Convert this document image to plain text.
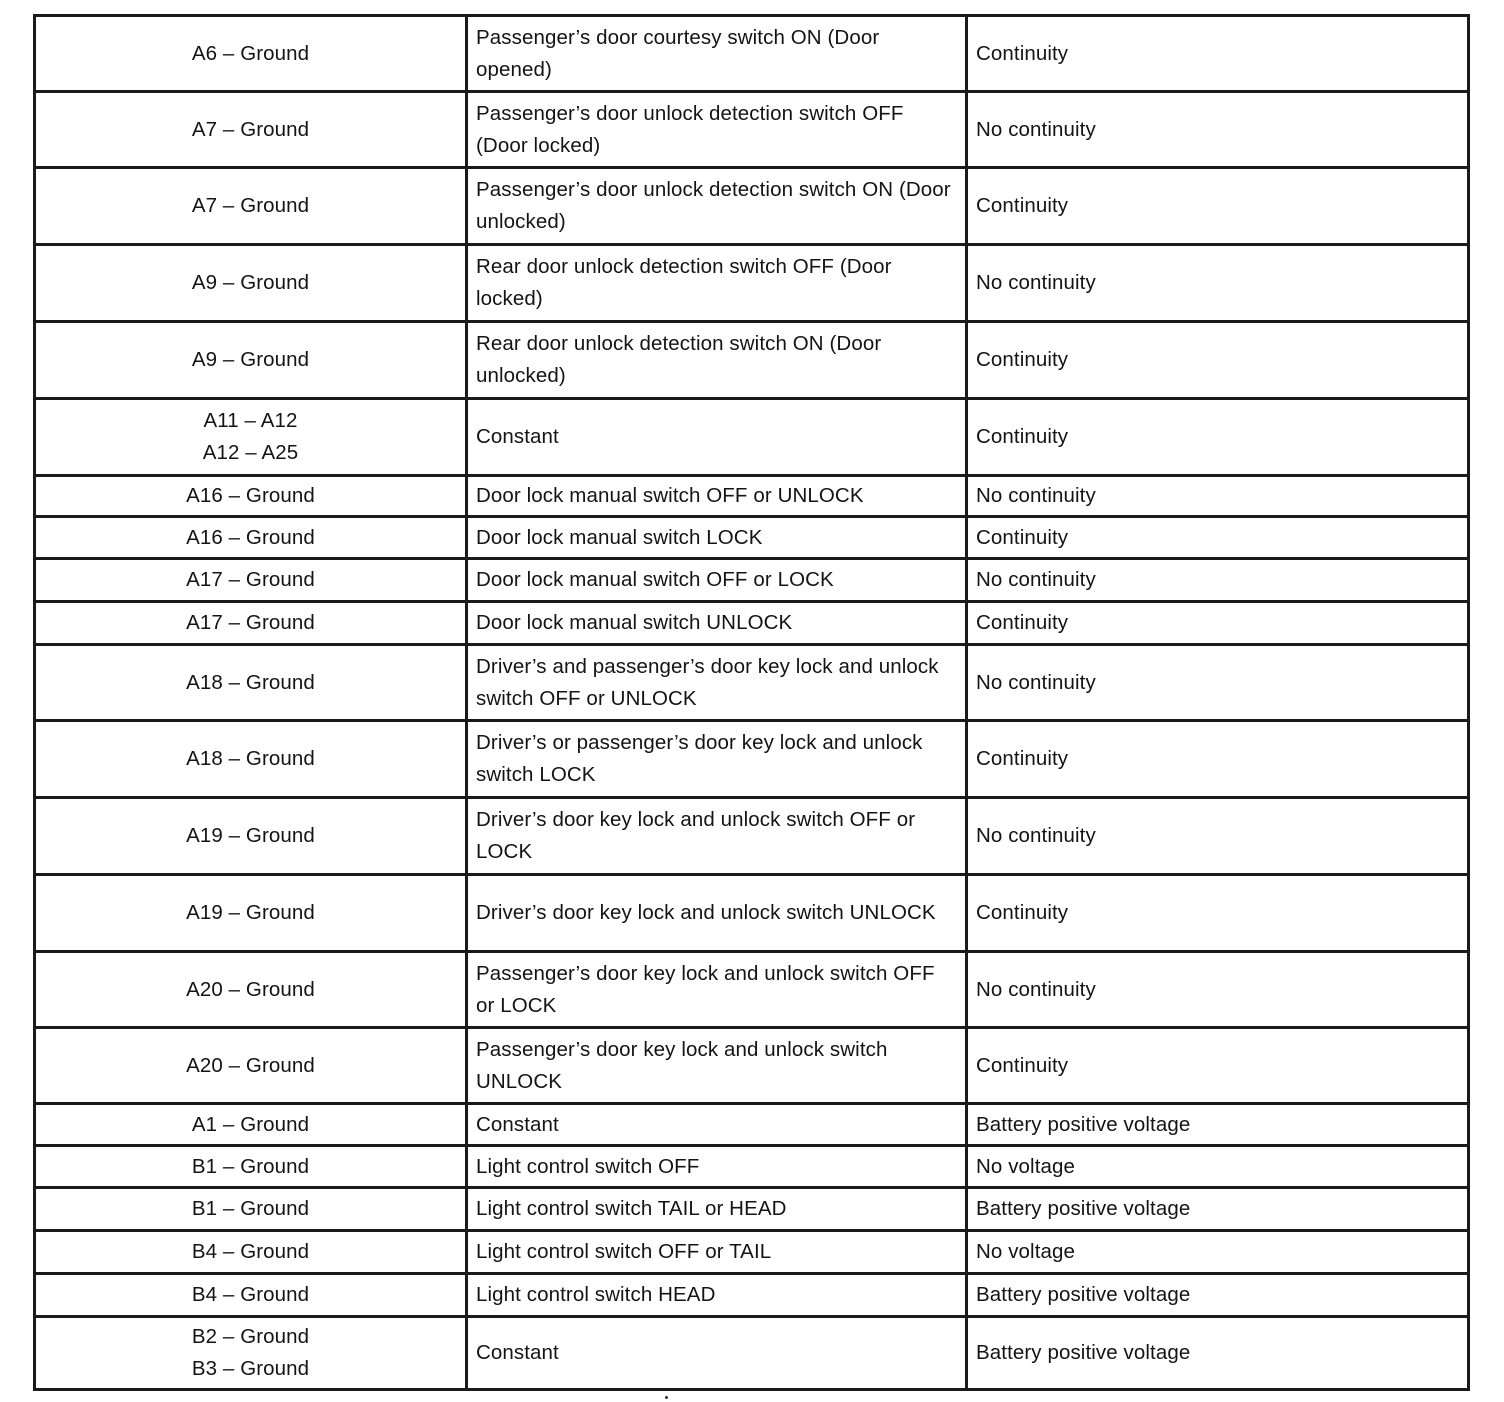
A6 – Ground	Passenger’s door courtesy switch ON (Door opened)	Continuity

A7 – Ground	Passenger’s door unlock detection switch OFF (Door locked)	No continuity

A7 – Ground	Passenger’s door unlock detection switch ON (Door unlocked)	Continuity

A9 – Ground	Rear door unlock detection switch OFF (Door locked)	No continuity

A9 – Ground	Rear door unlock detection switch ON (Door unlocked)	Continuity

A11 – A12
A12 – A25	Constant	Continuity

A16 – Ground	Door lock manual switch OFF or UNLOCK	No continuity

A16 – Ground	Door lock manual switch LOCK	Continuity

A17 – Ground	Door lock manual switch OFF or LOCK	No continuity

A17 – Ground	Door lock manual switch UNLOCK	Continuity

A18 – Ground	Driver’s and passenger’s door key lock and unlock switch OFF or UNLOCK	No continuity

A18 – Ground	Driver’s or passenger’s door key lock and unlock switch LOCK	Continuity

A19 – Ground	Driver’s door key lock and unlock switch OFF or LOCK	No continuity

A19 – Ground	Driver’s door key lock and unlock switch UNLOCK	Continuity

A20 – Ground	Passenger’s door key lock and unlock switch OFF or LOCK	No continuity

A20 – Ground	Passenger’s door key lock and unlock switch UNLOCK	Continuity

A1 – Ground	Constant	Battery positive voltage

B1 – Ground	Light control switch OFF	No voltage

B1 – Ground	Light control switch TAIL or HEAD	Battery positive voltage

B4 – Ground	Light control switch OFF or TAIL	No voltage

B4 – Ground	Light control switch HEAD	Battery positive voltage

B2 – Ground
B3 – Ground	Constant	Battery positive voltage
